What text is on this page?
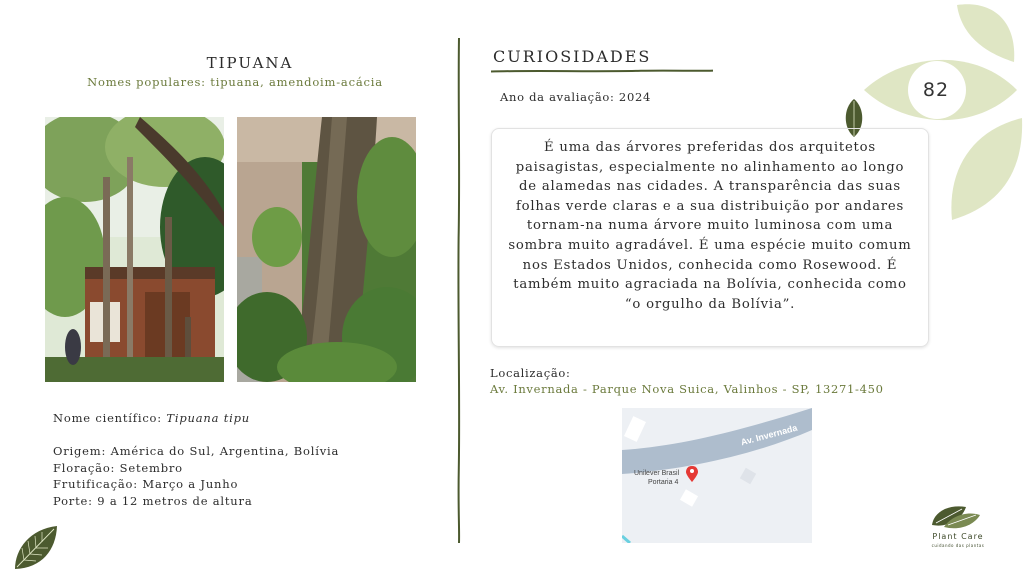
TIPUANA
Nomes populares: tipuana, amendoim-acácia
Nome científico: Tipuana tipu
Origem: América do Sul, Argentina, Bolívia
Floração: Setembro
Frutificação: Março a Junho
Porte: 9 a 12 metros de altura
CURIOSIDADES
Ano da avaliação: 2024
É uma das árvores preferidas dos arquitetos paisagistas, especialmente no alinhamento ao longo de alamedas nas cidades. A transparência das suas folhas verde claras e a sua distribuição por andares tornam-na numa árvore muito luminosa com uma sombra muito agradável. É uma espécie muito comum nos Estados Unidos, conhecida como Rosewood. É também muito agraciada na Bolívia, conhecida como “o orgulho da Bolívia”.
Localização:
Av. Invernada - Parque Nova Suica, Valinhos - SP, 13271-450
Av. Invernada
Unilever Brasil
Portaria 4
82
Plant Care
cuidando das plantas
